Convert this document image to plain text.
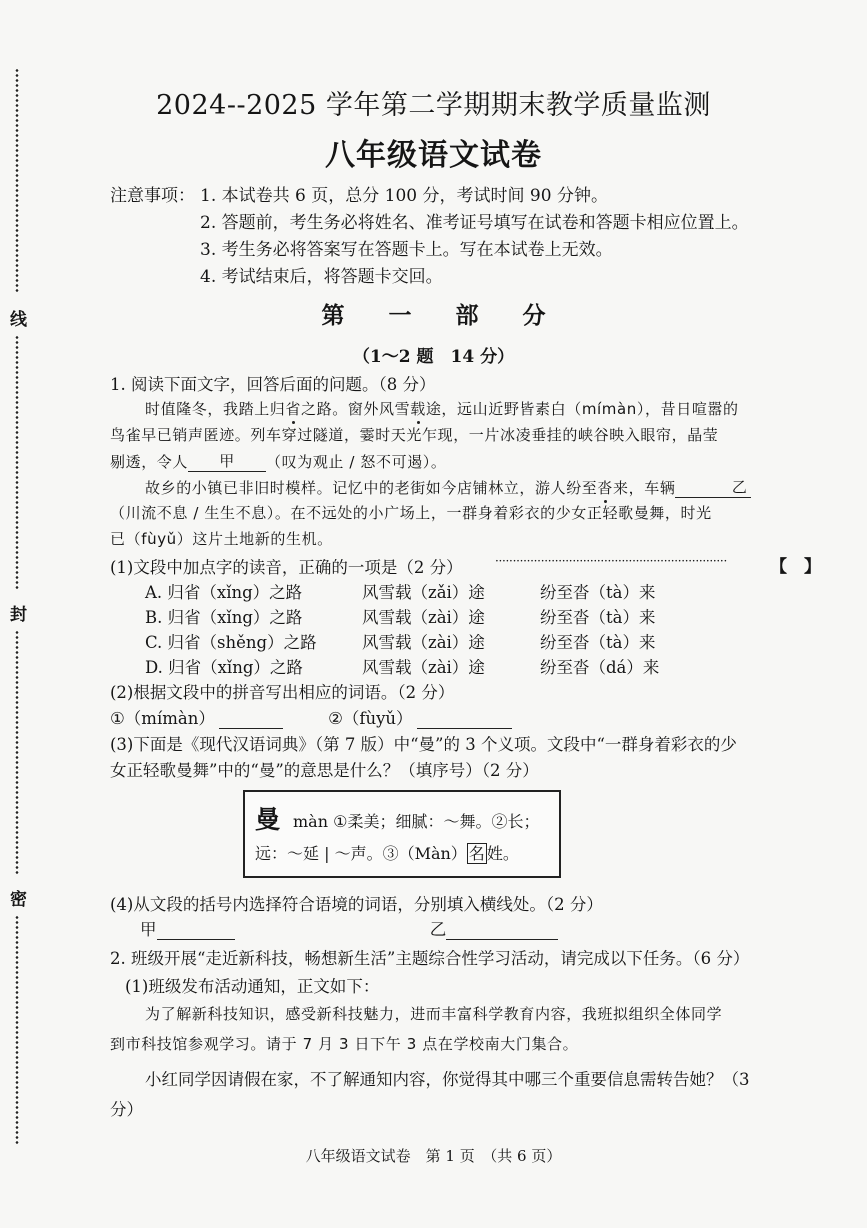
线
封
密
2024--2025 学年第二学期期末教学质量监测
八年级语文试卷
注意事项： 1. 本试卷共 6 页，总分 100 分，考试时间 90 分钟。
2. 答题前，考生务必将姓名、准考证号填写在试卷和答题卡相应位置上。
3. 考生务必将答案写在答题卡上。写在本试卷上无效。
4. 考试结束后，将答题卡交回。
第 一 部 分
（1～2 题　14 分）
1. 阅读下面文字，回答后面的问题。（8 分）
时值隆冬，我踏上归省之路。窗外风雪载途，远山近野皆素白（mímàn），昔日喧嚣的
鸟雀早已销声匿迹。列车穿过隧道，霎时天光乍现，一片冰凌垂挂的峡谷映入眼帘，晶莹
剔透，令人 甲 （叹为观止 / 怒不可遏）。
故乡的小镇已非旧时模样。记忆中的老街如今店铺林立，游人纷至沓来，车辆	乙
（川流不息 / 生生不息）。在不远处的小广场上，一群身着彩衣的少女正轻歌曼舞，时光
已（fùyǔ）这片土地新的生机。
(1)文段中加点字的读音，正确的一项是（2 分）	··································································	【　】
A. 归省（xǐng）之路	风雪载（zǎi）途	纷至沓（tà）来
B. 归省（xǐng）之路	风雪载（zài）途	纷至沓（tà）来
C. 归省（shěng）之路	风雪载（zài）途	纷至沓（tà）来
D. 归省（xǐng）之路	风雪载（zài）途	纷至沓（dá）来
(2)根据文段中的拼音写出相应的词语。（2 分）
①（mímàn）	②（fùyǔ）
(3)下面是《现代汉语词典》（第 7 版）中“曼”的 3 个义项。文段中“一群身着彩衣的少
女正轻歌曼舞”中的“曼”的意思是什么？（填序号）（2 分）
曼 màn ①柔美；细腻：～舞。②长；
远：～延 | ～声。③（Màn） 名 姓。
(4)从文段的括号内选择符合语境的词语，分别填入横线处。（2 分）
甲	乙
2. 班级开展“走近新科技，畅想新生活”主题综合性学习活动，请完成以下任务。（6 分）
(1)班级发布活动通知，正文如下：
为了解新科技知识，感受新科技魅力，进而丰富科学教育内容，我班拟组织全体同学
到市科技馆参观学习。请于 7 月 3 日下午 3 点在学校南大门集合。
小红同学因请假在家，不了解通知内容，你觉得其中哪三个重要信息需转告她？（3
分）
八年级语文试卷　第 1 页　（共 6 页）
